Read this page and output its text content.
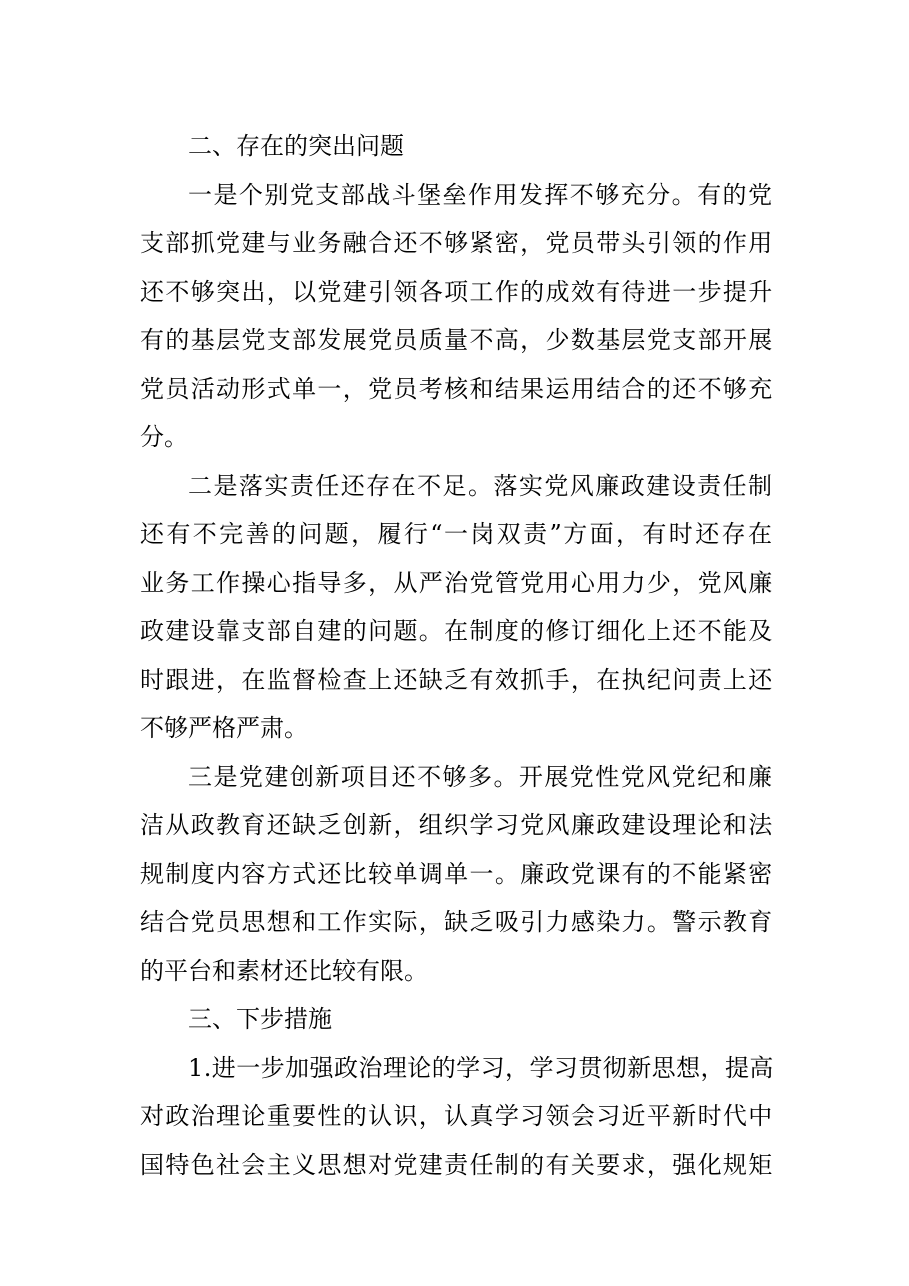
二、存在的突出问题
一​ 是​ 个​ 别​ 党​ 支​ 部​ 战​ 斗​ 堡​ 垒​ 作​ 用​ 发​ 挥​ 不​ 够​ 充​ 分​ 。​ 有​ 的​ 党
支​ 部​ 抓​ 党​ 建​ 与​ 业​ 务​ 融​ 合​ 还​ 不​ 够​ 紧​ 密​ ，​ 党​ 员​ 带​ 头​ 引​ 领​ 的​ 作​ 用
还​ 不​ 够​ 突​ 出​ ，​ 以​ 党​ 建​ 引​ 领​ 各​ 项​ 工​ 作​ 的​ 成​ 效​ 有​ 待​ 进​ 一​ 步​ 提​ 升
有​ 的​ 基​ 层​ 党​ 支​ 部​ 发​ 展​ 党​ 员​ 质​ 量​ 不​ 高​ ，​ 少​ 数​ 基​ 层​ 党​ 支​ 部​ 开​ 展
党​ 员​ 活​ 动​ 形​ 式​ 单​ 一​ ，​ 党​ 员​ 考​ 核​ 和​ 结​ 果​ 运​ 用​ 结​ 合​ 的​ 还​ 不​ 够​ 充
分。
二​ 是​ 落​ 实​ 责​ 任​ 还​ 存​ 在​ 不​ 足​ 。​ 落​ 实​ 党​ 风​ 廉​ 政​ 建​ 设​ 责​ 任​ 制
还​ 有​ 不​ 完​ 善​ 的​ 问​ 题​ ，​ 履​ 行​ “​ 一​ 岗​ 双​ 责​ ”​ 方​ 面​ ，​ 有​ 时​ 还​ 存​ 在
业​ 务​ 工​ 作​ 操​ 心​ 指​ 导​ 多​ ，​ 从​ 严​ 治​ 党​ 管​ 党​ 用​ 心​ 用​ 力​ 少​ ，​ 党​ 风​ 廉
政​ 建​ 设​ 靠​ 支​ 部​ 自​ 建​ 的​ 问​ 题​ 。​ 在​ 制​ 度​ 的​ 修​ 订​ 细​ 化​ 上​ 还​ 不​ 能​ 及
时​ 跟​ 进​ ，​ 在​ 监​ 督​ 检​ 查​ 上​ 还​ 缺​ 乏​ 有​ 效​ 抓​ 手​ ，​ 在​ 执​ 纪​ 问​ 责​ 上​ 还
不够严格严肃。
三​ 是​ 党​ 建​ 创​ 新​ 项​ 目​ 还​ 不​ 够​ 多​ 。​ 开​ 展​ 党​ 性​ 党​ 风​ 党​ 纪​ 和​ 廉
洁​ 从​ 政​ 教​ 育​ 还​ 缺​ 乏​ 创​ 新​ ，​ 组​ 织​ 学​ 习​ 党​ 风​ 廉​ 政​ 建​ 设​ 理​ 论​ 和​ 法
规​ 制​ 度​ 内​ 容​ 方​ 式​ 还​ 比​ 较​ 单​ 调​ 单​ 一​ 。​ 廉​ 政​ 党​ 课​ 有​ 的​ 不​ 能​ 紧​ 密
结​ 合​ 党​ 员​ 思​ 想​ 和​ 工​ 作​ 实​ 际​ ，​ 缺​ 乏​ 吸​ 引​ 力​ 感​ 染​ 力​ 。​ 警​ 示​ 教​ 育
的平台和素材还比较有限。
三、下步措施
1​ .​ 进​ 一​ 步​ 加​ 强​ 政​ 治​ 理​ 论​ 的​ 学​ 习​ ，​ 学​ 习​ 贯​ 彻​ 新​ 思​ 想​ ，​ 提​ 高
对​ 政​ 治​ 理​ 论​ 重​ 要​ 性​ 的​ 认​ 识​ ，​ 认​ 真​ 学​ 习​ 领​ 会​ 习​ 近​ 平​ 新​ 时​ 代​ 中
国​ 特​ 色​ 社​ 会​ 主​ 义​ 思​ 想​ 对​ 党​ 建​ 责​ 任​ 制​ 的​ 有​ 关​ 要​ 求​ ，​ 强​ 化​ 规​ 矩
